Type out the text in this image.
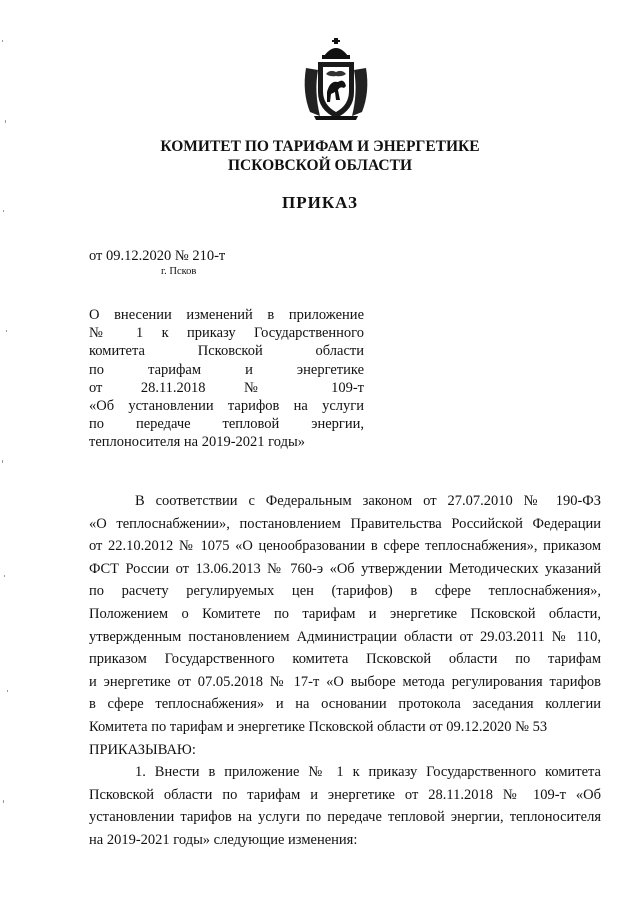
КОМИТЕТ ПО ТАРИФАМ И ЭНЕРГЕТИКЕ
ПСКОВСКОЙ ОБЛАСТИ
ПРИКАЗ
от 09.12.2020 № 210-т
г. Псков
О внесении изменений в приложение
№ 1 к приказу Государственного
комитета Псковской области
по тарифам и энергетике
от 28.11.2018 № 109-т
«Об установлении тарифов на услуги
по передаче тепловой энергии,
теплоносителя на 2019-2021 годы»
В соответствии с Федеральным законом от 27.07.2010 № 190-ФЗ
«О теплоснабжении», постановлением Правительства Российской Федерации
от 22.10.2012 № 1075 «О ценообразовании в сфере теплоснабжения», приказом
ФСТ России от 13.06.2013 № 760-э «Об утверждении Методических указаний
по расчету регулируемых цен (тарифов) в сфере теплоснабжения»,
Положением о Комитете по тарифам и энергетике Псковской области,
утвержденным постановлением Администрации области от 29.03.2011 № 110,
приказом Государственного комитета Псковской области по тарифам
и энергетике от 07.05.2018 № 17-т «О выборе метода регулирования тарифов
в сфере теплоснабжения» и на основании протокола заседания коллегии
Комитета по тарифам и энергетике Псковской области от 09.12.2020 № 53
ПРИКАЗЫВАЮ:
1. Внести в приложение № 1 к приказу Государственного комитета
Псковской области по тарифам и энергетике от 28.11.2018 № 109-т «Об
установлении тарифов на услуги по передаче тепловой энергии, теплоносителя
на 2019-2021 годы» следующие изменения:
